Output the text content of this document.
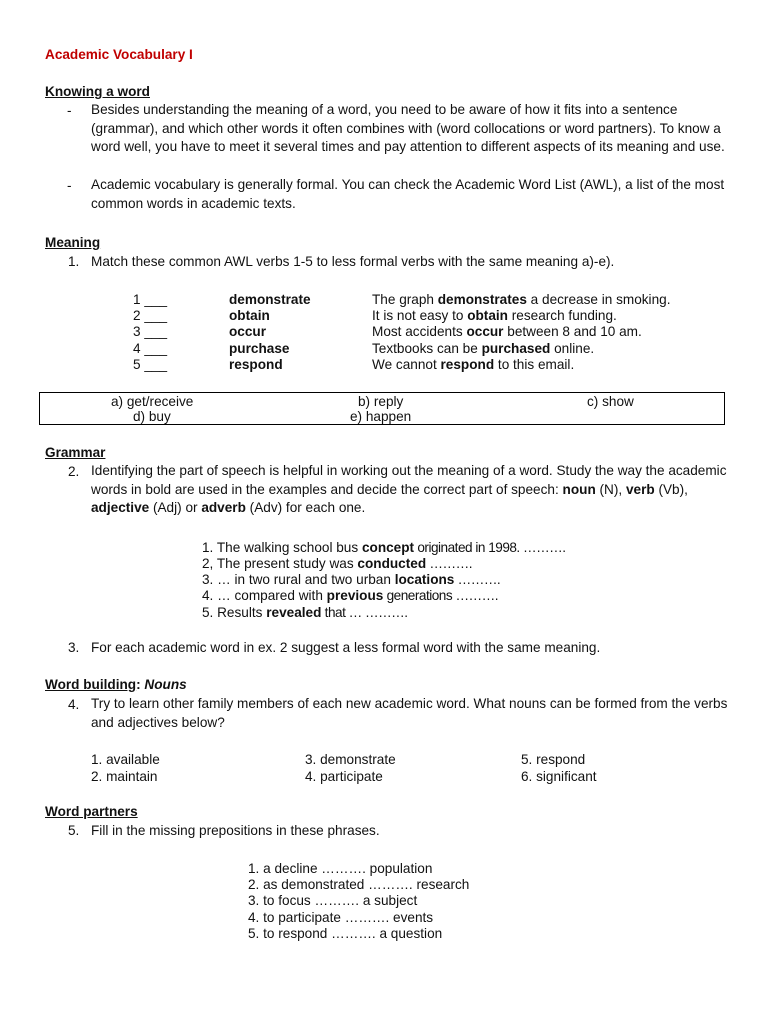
Academic Vocabulary I
Knowing a word
- Besides understanding the meaning of a word, you need to be aware of how it fits into a sentence (grammar), and which other words it often combines with (word collocations or word partners). To know a word well, you have to meet it several times and pay attention to different aspects of its meaning and use.
- Academic vocabulary is generally formal. You can check the Academic Word List (AWL), a list of the most common words in academic texts.
Meaning
1. Match these common AWL verbs 1-5 to less formal verbs with the same meaning a)-e).
1 ___	demonstrate	The graph demonstrates a decrease in smoking.
2 ___	obtain	It is not easy to obtain research funding.
3 ___	occur	Most accidents occur between 8 and 10 am.
4 ___	purchase	Textbooks can be purchased online.
5 ___	respond	We cannot respond to this email.
a) get/receive	b) reply	c) show
d) buy	e) happen
Grammar
2. Identifying the part of speech is helpful in working out the meaning of a word. Study the way the academic words in bold are used in the examples and decide the correct part of speech: noun (N), verb (Vb), adjective (Adj) or adverb (Adv) for each one.
1. The walking school bus concept originated in 1998. ……….
2, The present study was conducted ……….
3. … in two rural and two urban locations ……….
4. … compared with previous generations ……….
5. Results revealed that … ……….
3. For each academic word in ex. 2 suggest a less formal word with the same meaning.
Word building: Nouns
4. Try to learn other family members of each new academic word. What nouns can be formed from the verbs and adjectives below?
1. available
2. maintain
3. demonstrate
4. participate
5. respond
6. significant
Word partners
5. Fill in the missing prepositions in these phrases.
1. a decline ………. population
2. as demonstrated ………. research
3. to focus ………. a subject
4. to participate ………. events
5. to respond ………. a question
